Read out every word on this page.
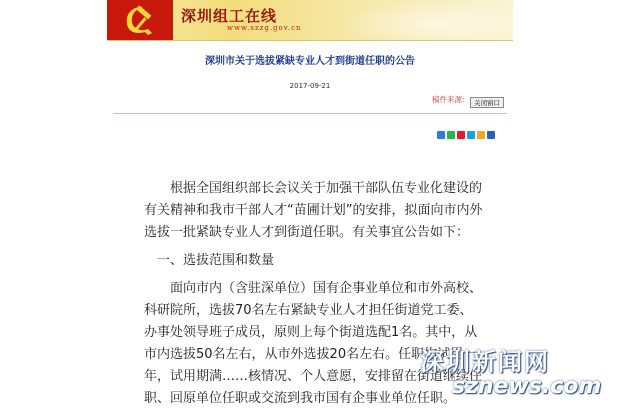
深圳组工在线
www.szzg.gov.cn
深圳市关于选拔紧缺专业人才到街道任职的公告
2017-09-21
稿件来源： 关闭窗口

根据全国组织部长会议关于加强干部队伍专业化建设的有关精神和我市干部人才“苗圃计划”的安排，拟面向市内外选拔一批紧缺专业人才到街道任职。有关事宜公告如下：

一、选拔范围和数量

面向市内（含驻深单位）国有企事业单位和市外高校、科研院所，选拔70名左右紧缺专业人才担任街道党工委、办事处领导班子成员，原则上每个街道选配1名。其中，从市内选拔50名左右，从市外选拔20名左右。任职均试用一年，试用期满……核情况、个人意愿，安排留在街道继续任职、回原单位任职或交流到我市国有企事业单位任职。

深圳新闻网
sznews.com
